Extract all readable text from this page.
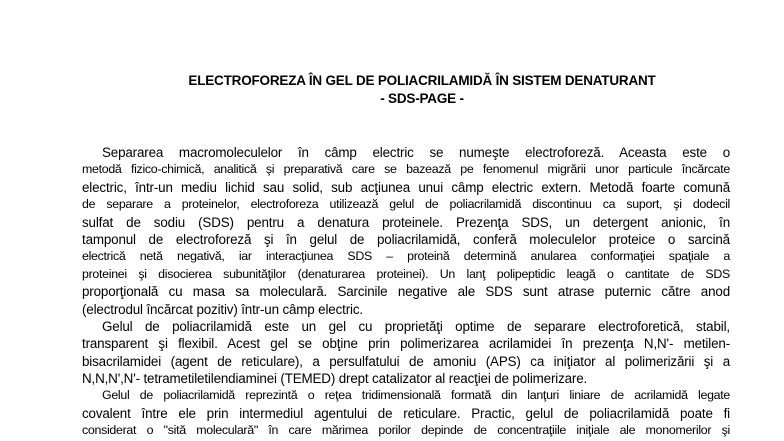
ELECTROFOREZA ÎN GEL DE POLIACRILAMIDĂ ÎN SISTEM DENATURANT
- SDS-PAGE -
Separarea macromoleculelor în câmp electric se numeşte electroforeză. Aceasta este o
metodă fizico-chimică, analitică şi preparativă care se bazează pe fenomenul migrării unor particule încărcate
electric, într-un mediu lichid sau solid, sub acţiunea unui câmp electric extern. Metodă foarte comună
de separare a proteinelor, electroforeza utilizează gelul de poliacrilamidă discontinuu ca suport, şi dodecil
sulfat de sodiu (SDS) pentru a denatura proteinele. Prezenţa SDS, un detergent anionic, în
tamponul de electroforeză şi în gelul de poliacrilamidă, conferă moleculelor proteice o sarcină
electrică netă negativă, iar interacţiunea SDS – proteină determină anularea conformaţiei spaţiale a
proteinei şi disocierea subunităţilor (denaturarea proteinei). Un lanţ polipeptidic leagă o cantitate de SDS
proporţională cu masa sa moleculară. Sarcinile negative ale SDS sunt atrase puternic către anod
(electrodul încărcat pozitiv) într-un câmp electric.
Gelul de poliacrilamidă este un gel cu proprietăţi optime de separare electroforetică, stabil,
transparent şi flexibil. Acest gel se obţine prin polimerizarea acrilamidei în prezenţa N,N'- metilen-
bisacrilamidei (agent de reticulare), a persulfatului de amoniu (APS) ca iniţiator al polimerizării şi a
N,N,N',N'- tetrametiletilendiaminei (TEMED) drept catalizator al reacţiei de polimerizare.
Gelul de poliacrilamidă reprezintă o reţea tridimensională formată din lanţuri liniare de acrilamidă legate
covalent între ele prin intermediul agentului de reticulare. Practic, gelul de poliacrilamidă poate fi
considerat o "sită moleculară" în care mărimea porilor depinde de concentraţiile iniţiale ale monomerilor şi
